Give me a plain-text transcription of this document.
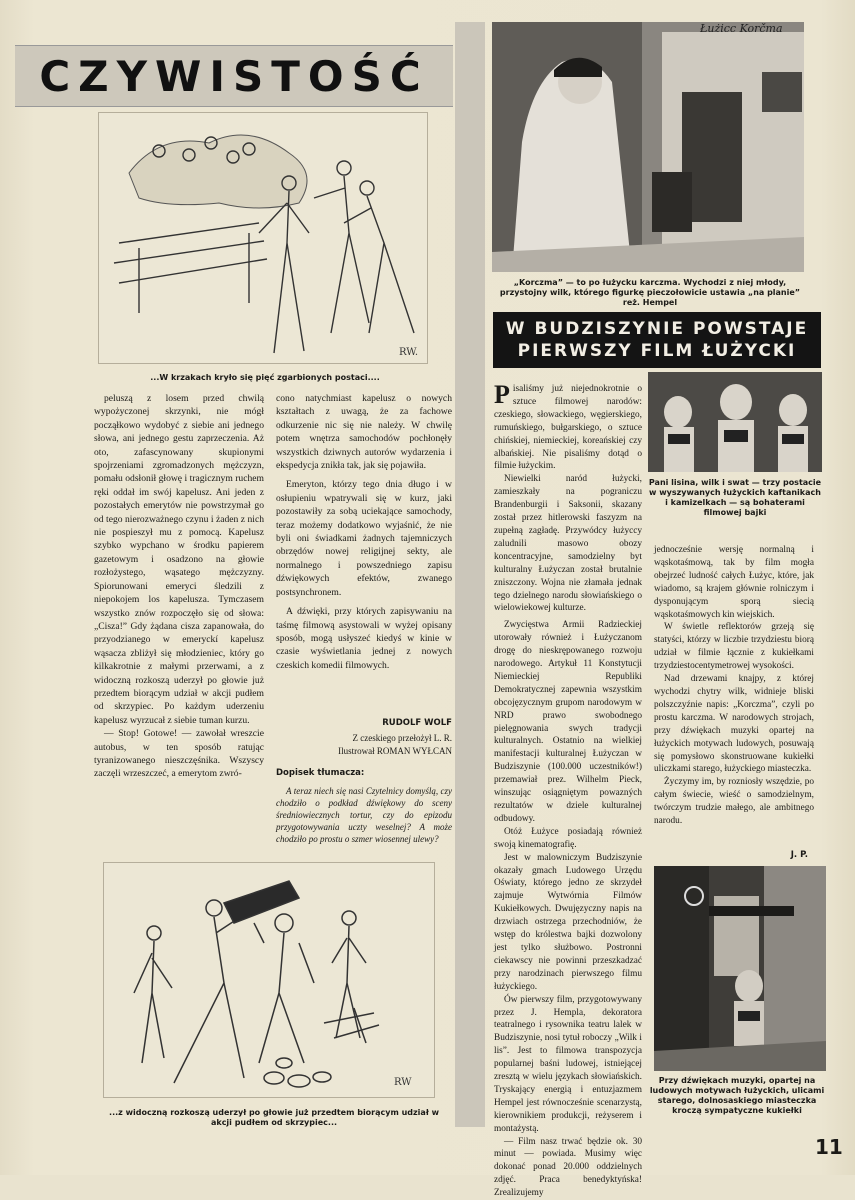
CZYWISTOŚĆ
RW.
...W krzakach kryło się pięć zgarbionych postaci....

peluszą z losem przed chwilą wypożyczonej skrzynki, nie mógł począłkowo wydobyć z siebie ani jednego słowa, ani jednego gestu zaprzeczenia. Aż oto, zafascynowany skupionymi spojrzeniami zgromadzonych mężczyzn, pomału odsłonił głowę i tragicznym ruchem ręki oddał im swój kapelusz. Ani jeden z pozostałych emerytów nie powstrzymał go od tego nierozważnego czynu i żaden z nich nie pospieszył mu z pomocą. Kapelusz szybko wypchano w środku papierem gazetowym i osadzono na głowie rozłożystego, wąsatego mężczyzny. Spiorunowani emeryci śledzili z niepokojem los kapelusza. Tymczasem wszystko znów rozpoczęło się od słowa: „Cisza!” Gdy żądana cisza zapanowała, do przyodzianego w emeryckí kapelusz wąsacza zbliżył się młodzieniec, który go kilkakrotnie z małymi przerwami, a z widoczną rozkoszą uderzył po głowie już przedtem biorącym udział w akcji pudłem od skrzypiec. Po każdym uderzeniu kapelusz wyrzucał z siebie tuman kurzu.

— Stop! Gotowe! — zawołał wreszcie autobus, w ten sposób ratując tyranizowanego nieszczęśnika. Wszyscy zaczęli wrzeszczeć, a emerytom zwró-

cono natychmiast kapelusz o nowych kształtach z uwagą, że za fachowe odkurzenie nic się nie należy. W chwilę potem wnętrza samochodów pochłonęły wszystkich dziwnych autorów wydarzenia i ekspedycja znikła tak, jak się pojawiła.

Emeryton, którzy tego dnia długo i w osłupieniu wpatrywali się w kurz, jaki pozostawiły za sobą uciekające samochody, teraz możemy dodatkowo wyjaśnić, że nie byli oni świadkami żadnych tajemniczych obrzędów nowej religijnej sekty, ale normalnego i powszedniego zapisu dźwiękowych efektów, zwanego postsynchronem.

A dźwięki, przy których zapisywaniu na taśmę filmową asystowali w wyżej opisany sposób, mogą usłyszeć kiedyś w kinie w czasie wyświetlania jednej z nowych czeskich komedii filmowych.

RUDOLF WOLF
Z czeskiego przełożył L. R.
Ilustrował ROMAN WYŁCAN
Dopisek tłumacza:
A teraz niech się nasi Czytelnicy domyślą, czy chodziło o podkład dźwiękowy do sceny średniowiecznych tortur, czy do epizodu przygotowywania uczty weselnej? A może chodziło po prostu o szmer wiosennej ulewy?
RW
...z widoczną rozkoszą uderzył po głowie już przedtem biorącym udział w akcji pudłem od skrzypiec...
Łużicc Korčma
„Korczma” — to po łużycku karczma. Wychodzi z niej młody, przystojny wilk, którego figurkę pieczołowicie ustawia „na planie” reż. Hempel
W BUDZISZYNIE POWSTAJE
PIERWSZY FILM ŁUŻYCKI

Pisaliśmy już niejednokrotnie o sztuce filmowej narodów: czeskiego, słowackiego, węgierskiego, rumuńskiego, bułgarskiego, o sztuce chińskiej, niemieckiej, koreańskiej czy albańskiej. Nie pisaliśmy dotąd o filmie łużyckim.

Niewielki naród łużycki, zamieszkały na pograniczu Brandenburgii i Saksonii, skazany został przez hitlerowski faszyzm na zupełną zagładę. Przywódcy łużyccy zaludnili masowo obozy koncentracyjne, samodzielny byt kulturalny Łużyczan został brutalnie zniszczony. Wojna nie złamała jednak tego dzielnego narodu słowiańskiego o wielowiekowej kulturze.

Zwycięstwa Armii Radzieckiej utorowały również i Łużyczanom drogę do nieskrępowanego rozwoju narodowego. Artykuł 11 Konstytucji Niemieckiej Republiki Demokratycznej zapewnia wszystkim obcojęzycznym grupom narodowym w NRD prawo swobodnego pielęgnowania swych tradycji kulturalnych. Ostatnio na wielkiej manifestacji kulturalnej Łużyczan w Budziszynie (100.000 uczestników!) przemawiał prez. Wilhelm Pieck, winszując osiągniętym powazných rezultatów w dziele kulturalnej odbudowy.

Otóż Łużyce posiadają również swoją kinematografię.

Jest w malowniczym Budziszynie okazały gmach Ludowego Urzędu Oświaty, którego jedno ze skrzydeł zajmuje Wytwórnia Filmów Kukiełkowych. Dwujęzyczny napis na drzwiach ostrzega przechodniów, że wstęp do królestwa bajki dozwolony jest tylko służbowo. Postronni ciekawscy nie powinni przeszkadzać przy narodzinach pierwszego filmu łużyckiego.

Ów pierwszy film, przygotowywany przez J. Hempla, dekoratora teatralnego i rysownika teatru lalek w Budziszynie, nosi tytuł roboczy „Wilk i lis”. Jest to filmowa transpozycja popularnej baśni ludowej, istniejącej zresztą w wielu językach słowiańskich. Tryskający energią i entuzjazmem Hempel jest równocześnie scenarzystą, kierownikiem produkcji, reżyserem i montażystą.

— Film nasz trwać będzie ok. 30 minut — powiada. Musimy więc dokonać ponad 20.000 oddzielnych zdjęć. Praca benedyktyńska! Zrealizujemy

Pani lisina, wilk i swat — trzy postacie w wyszywanych łużyckich kaftanikach i kamizelkach — są bohaterami filmowej bajki

jednocześnie wersję normalną i wąskotaśmową, tak by film mogła obejrzeć ludność całych Łużyc, które, jak wiadomo, są krajem głównie rolniczym i dysponującym sporą siecią wąskotaśmowych kin wiejskich.

W świetle reflektorów grzeją się statyści, którzy w liczbie trzydziestu biorą udział w filmie łącznie z kukiełkami trzydziestocentymetrowej wysokości.

Nad drzewami knajpy, z której wychodzi chytry wilk, widnieje bliski polszczyźnie napis: „Korczma”, czyli po prostu karczma. W narodowych strojach, przy dźwiękach muzyki opartej na łużyckich motywach ludowych, posuwają się pomysłowo skonstruowane kukiełki uliczkami starego, łużyckiego miasteczka.

Życzymy im, by rozniosły wszędzie, po całym świecie, wieść o samodzielnym, twórczym trudzie małego, ale ambitnego narodu.

J. P.
Przy dźwiękach muzyki, opartej na ludowych motywach łużyckich, ulicami starego, dolnosaskiego miasteczka kroczą sympatyczne kukiełki
11
